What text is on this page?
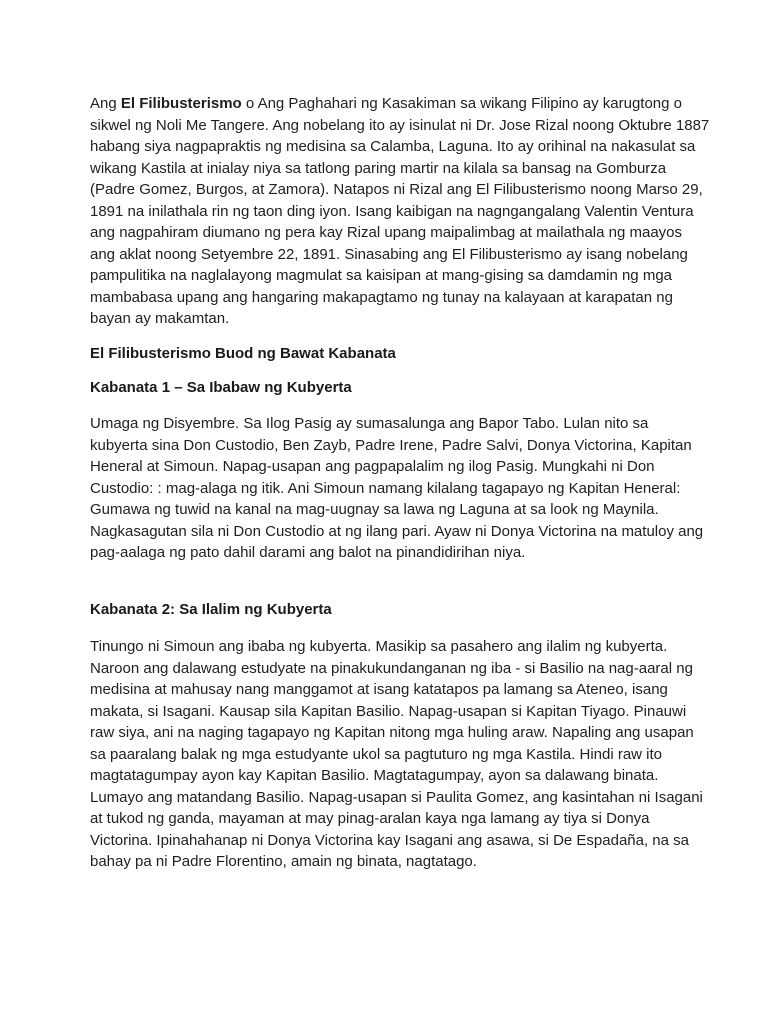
Ang El Filibusterismo o Ang Paghahari ng Kasakiman sa wikang Filipino ay karugtong o sikwel ng Noli Me Tangere. Ang nobelang ito ay isinulat ni Dr. Jose Rizal noong Oktubre 1887 habang siya nagpapraktis ng medisina sa Calamba, Laguna. Ito ay orihinal na nakasulat sa wikang Kastila at inialay niya sa tatlong paring martir na kilala sa bansag na Gomburza (Padre Gomez, Burgos, at Zamora). Natapos ni Rizal ang El Filibusterismo noong Marso 29, 1891 na inilathala rin ng taon ding iyon. Isang kaibigan na nagngangalang Valentin Ventura ang nagpahiram diumano ng pera kay Rizal upang maipalimbag at mailathala ng maayos ang aklat noong Setyembre 22, 1891. Sinasabing ang El Filibusterismo ay isang nobelang pampulitika na naglalayong magmulat sa kaisipan at mang-gising sa damdamin ng mga mambabasa upang ang hangaring makapagtamo ng tunay na kalayaan at karapatan ng bayan ay makamtan.

El Filibusterismo Buod ng Bawat Kabanata
Kabanata 1 – Sa Ibabaw ng Kubyerta

Umaga ng Disyembre. Sa Ilog Pasig ay sumasalunga ang Bapor Tabo. Lulan nito sa kubyerta sina Don Custodio, Ben Zayb, Padre Irene, Padre Salvi, Donya Victorina, Kapitan Heneral at Simoun. Napag-usapan ang pagpapalalim ng ilog Pasig. Mungkahi ni Don Custodio: : mag-alaga ng itik. Ani Simoun namang kilalang tagapayo ng Kapitan Heneral: Gumawa ng tuwid na kanal na mag-uugnay sa lawa ng Laguna at sa look ng Maynila. Nagkasagutan sila ni Don Custodio at ng ilang pari. Ayaw ni Donya Victorina na matuloy ang pag-aalaga ng pato dahil darami ang balot na pinandidirihan niya.

Kabanata 2: Sa Ilalim ng Kubyerta

Tinungo ni Simoun ang ibaba ng kubyerta. Masikip sa pasahero ang ilalim ng kubyerta. Naroon ang dalawang estudyate na pinakukundanganan ng iba - si Basilio na nag-aaral ng medisina at mahusay nang manggamot at isang katatapos pa lamang sa Ateneo, isang makata, si Isagani. Kausap sila Kapitan Basilio. Napag-usapan si Kapitan Tiyago. Pinauwi raw siya, ani na naging tagapayo ng Kapitan nitong mga huling araw. Napaling ang usapan sa paaralang balak ng mga estudyante ukol sa pagtuturo ng mga Kastila. Hindi raw ito magtatagumpay ayon kay Kapitan Basilio. Magtatagumpay, ayon sa dalawang binata. Lumayo ang matandang Basilio. Napag-usapan si Paulita Gomez, ang kasintahan ni Isagani at tukod ng ganda, mayaman at may pinag-aralan kaya nga lamang ay tiya si Donya Victorina. Ipinahahanap ni Donya Victorina kay Isagani ang asawa, si De Espadaña, na sa bahay pa ni Padre Florentino, amain ng binata, nagtatago.
